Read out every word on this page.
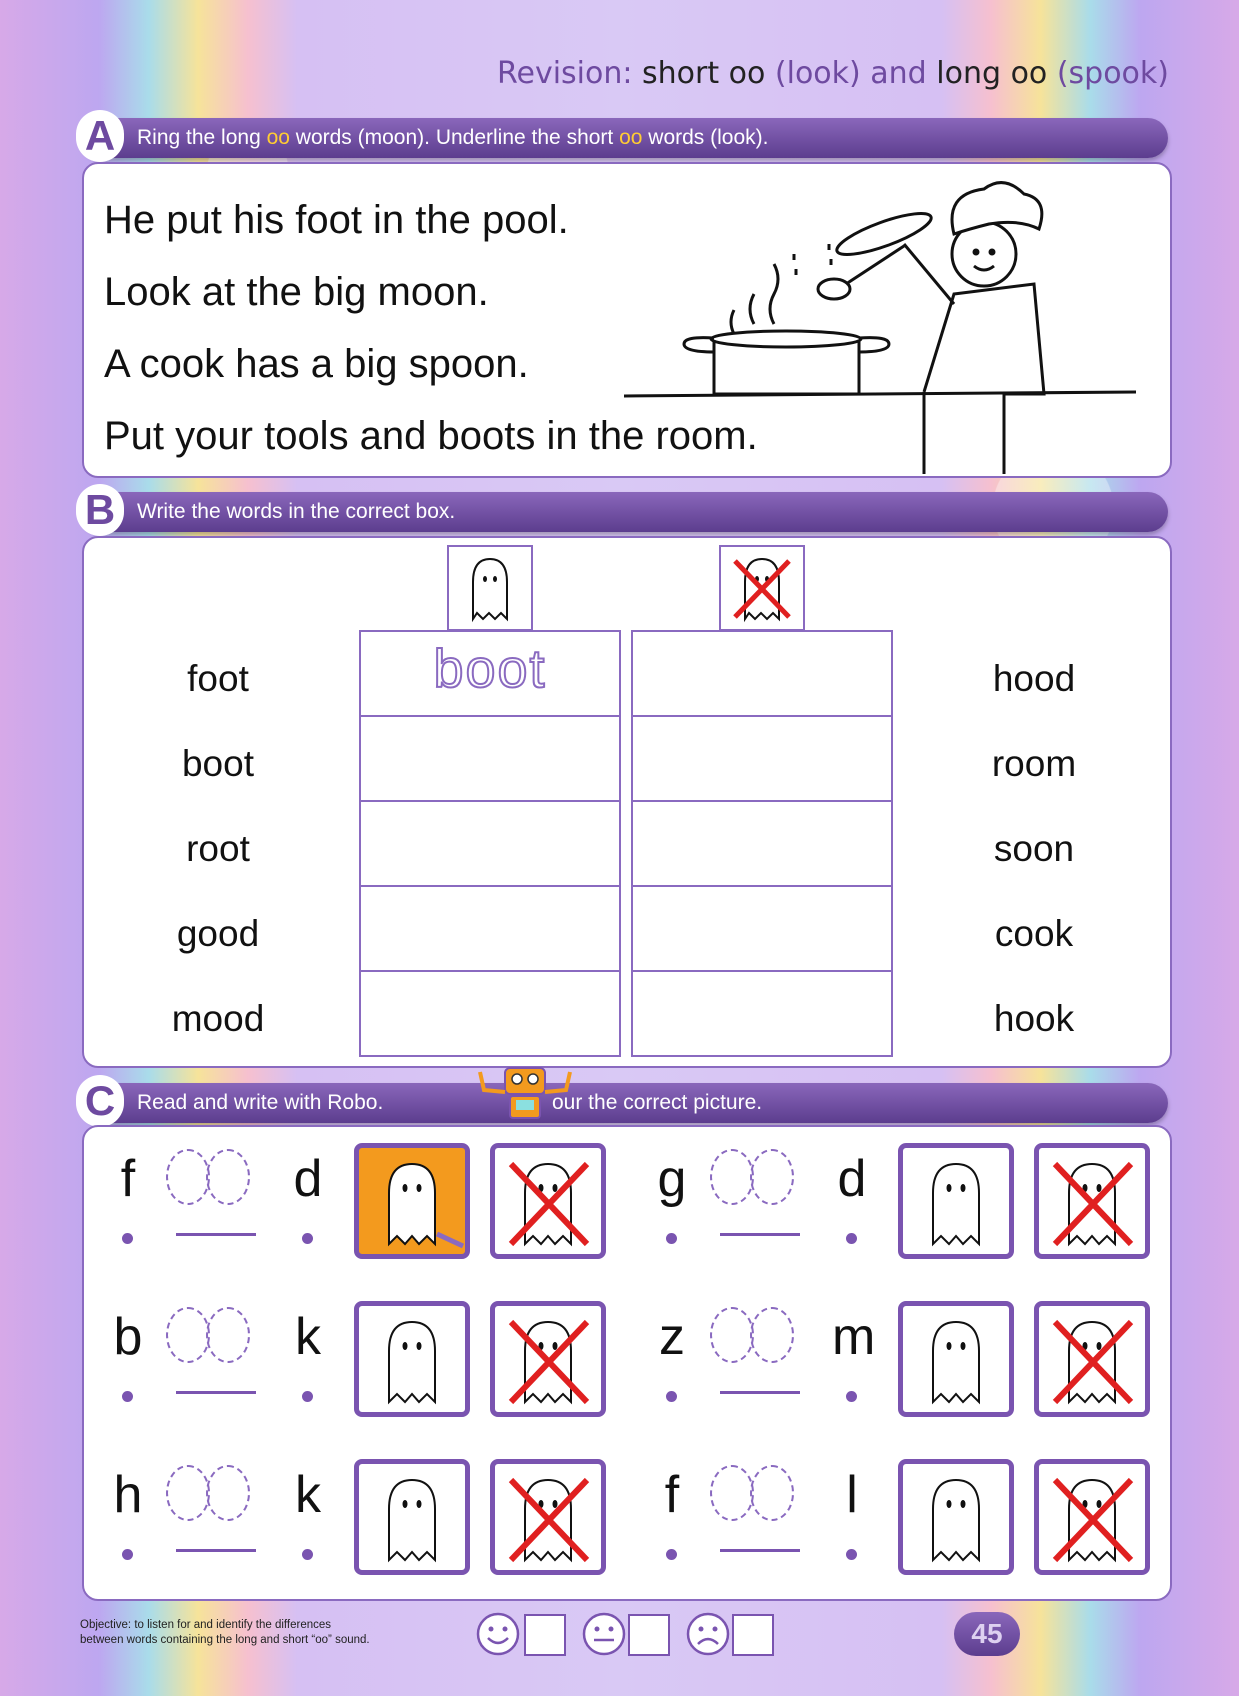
Revision: short oo (look) and long oo (spook)
A	Ring the long oo words (moon). Underline the short oo words (look).
He put his foot in the pool.
Look at the big moon.
A cook has a big spoon.
Put your tools and boots in the room.
B	Write the words in the correct box.
boot
foot
boot
root
good
mood
hood
room
soon
cook
hook
C	Read and write with Robo.	our the correct picture.
f	d	g	d
b	k	z	m
h	k	f	l
Objective: to listen for and identify the differences
between words containing the long and short “oo” sound.	45
